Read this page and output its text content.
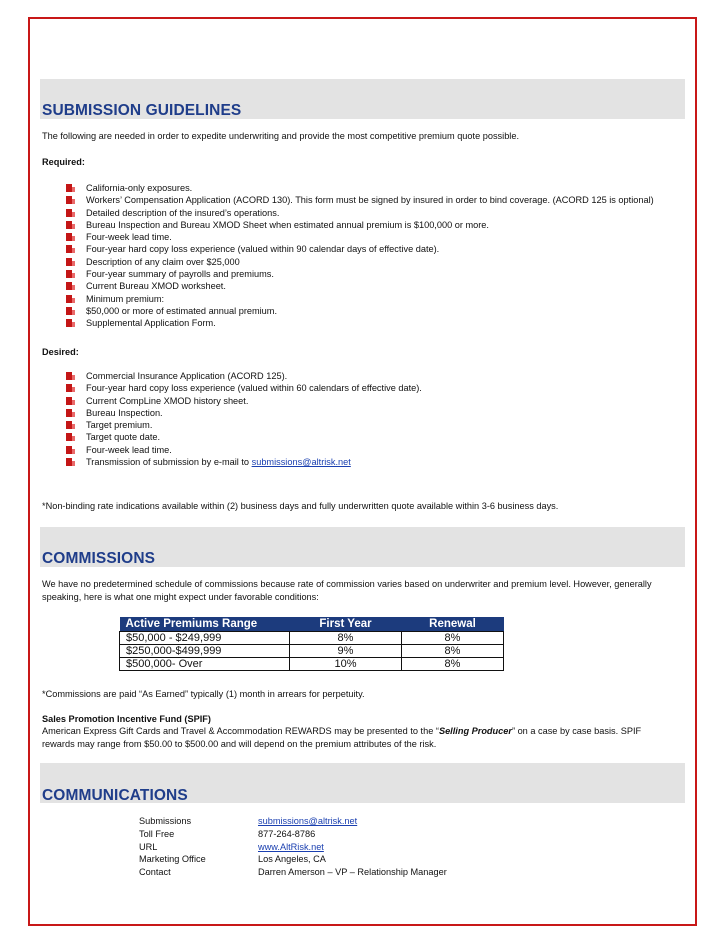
SUBMISSION GUIDELINES
The following are needed in order to expedite underwriting and provide the most competitive premium quote possible.
Required:
California-only exposures.
Workers’ Compensation Application (ACORD 130). This form must be signed by insured in order to bind coverage. (ACORD 125 is optional)
Detailed description of the insured’s operations.
Bureau Inspection and Bureau XMOD Sheet when estimated annual premium is $100,000 or more.
Four-week lead time.
Four-year hard copy loss experience (valued within 90 calendar days of effective date).
Description of any claim over $25,000
Four-year summary of payrolls and premiums.
Current Bureau XMOD worksheet.
Minimum premium:
$50,000 or more of estimated annual premium.
Supplemental Application Form.
Desired:
Commercial Insurance Application (ACORD 125).
Four-year hard copy loss experience (valued within 60 calendars of effective date).
Current CompLine XMOD history sheet.
Bureau Inspection.
Target premium.
Target quote date.
Four-week lead time.
Transmission of submission by e-mail to submissions@altrisk.net
*Non-binding rate indications available within (2) business days and fully underwritten quote available within 3-6 business days.
COMMISSIONS
We have no predetermined schedule of commissions because rate of commission varies based on underwriter and premium level. However, generally
speaking, here is what one might expect under favorable conditions:
Active Premiums Range	First Year	Renewal
$50,000 - $249,999	8%	8%
$250,000-$499,999	9%	8%
$500,000- Over	10%	8%
*Commissions are paid “As Earned” typically (1) month in arrears for perpetuity.
Sales Promotion Incentive Fund (SPIF)
American Express Gift Cards and Travel & Accommodation REWARDS may be presented to the “Selling Producer” on a case by case basis. SPIF
rewards may range from $50.00 to $500.00 and will depend on the premium attributes of the risk.
COMMUNICATIONS
Submissions	submissions@altrisk.net
Toll Free	877-264-8786
URL	www.AltRisk.net
Marketing Office	Los Angeles, CA
Contact	Darren Amerson – VP – Relationship Manager
